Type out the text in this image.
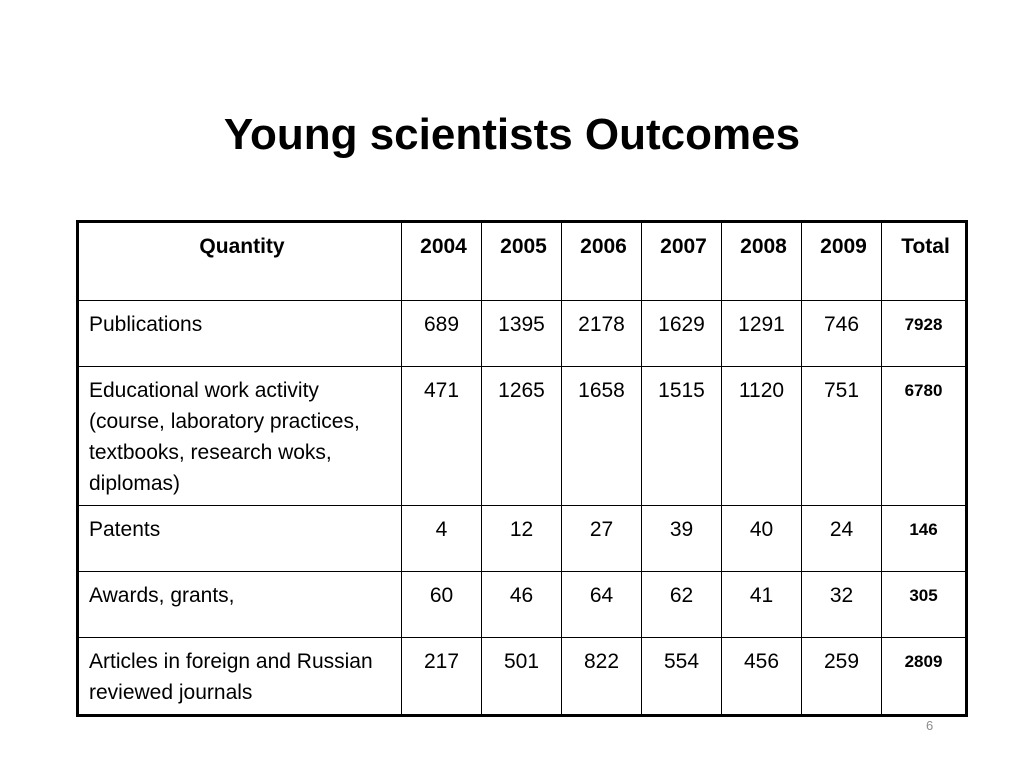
Young scientists Outcomes
Quantity	2004	2005	2006	2007	2008	2009	Total
Publications	689	1395	2178	1629	1291	746	7928
Educational work activity (course, laboratory practices, textbooks, research woks, diplomas)	471	1265	1658	1515	1120	751	6780
Patents	4	12	27	39	40	24	146
Awards, grants,	60	46	64	62	41	32	305
Articles in foreign and Russian reviewed journals	217	501	822	554	456	259	2809
6
